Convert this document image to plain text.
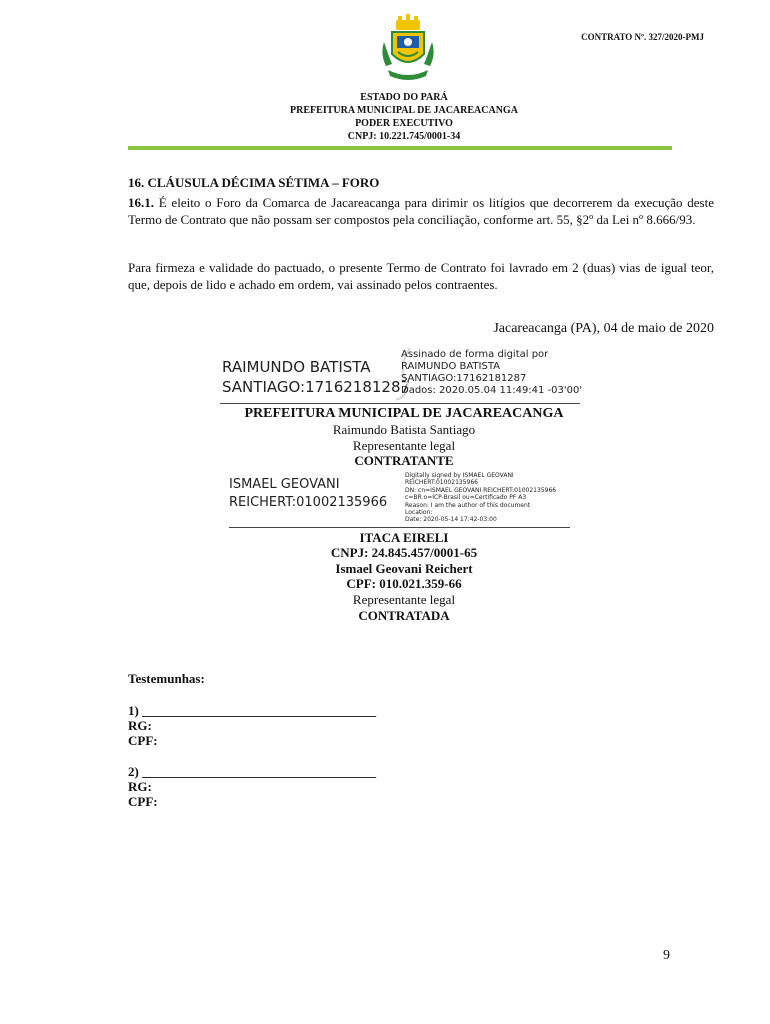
CONTRATO Nº. 327/2020-PMJ
ESTADO DO PARÁ
PREFEITURA MUNICIPAL DE JACAREACANGA
PODER EXECUTIVO
CNPJ: 10.221.745/0001-34
16. CLÁUSULA DÉCIMA SÉTIMA – FORO
16.1. É eleito o Foro da Comarca de Jacareacanga para dirimir os litígios que decorrerem da execução deste Termo de Contrato que não possam ser compostos pela conciliação, conforme art. 55, §2º da Lei nº 8.666/93.
Para firmeza e validade do pactuado, o presente Termo de Contrato foi lavrado em 2 (duas) vias de igual teor, que, depois de lido e achado em ordem, vai assinado pelos contraentes.
Jacareacanga (PA), 04 de maio de 2020
RAIMUNDO BATISTA
SANTIAGO:17162181287
Assinado de forma digital por
RAIMUNDO BATISTA
SANTIAGO:17162181287
Dados: 2020.05.04 11:49:41 -03'00'
PREFEITURA MUNICIPAL DE JACAREACANGA
Raimundo Batista Santiago
Representante legal
CONTRATANTE
ISMAEL GEOVANI
REICHERT:01002135966
Digitally signed by ISMAEL GEOVANI
REICHERT:01002135966
DN: cn=ISMAEL GEOVANI REICHERT:01002135966
c=BR o=ICP-Brasil ou=Certificado PF A3
Reason: I am the author of this document
Location:
Date: 2020-05-14 17:42-03:00
ITACA EIRELI
CNPJ: 24.845.457/0001-65
Ismael Geovani Reichert
CPF: 010.021.359-66
Representante legal
CONTRATADA
Testemunhas:
1) ____________________________________
RG:
CPF:
2) ____________________________________
RG:
CPF:
9
